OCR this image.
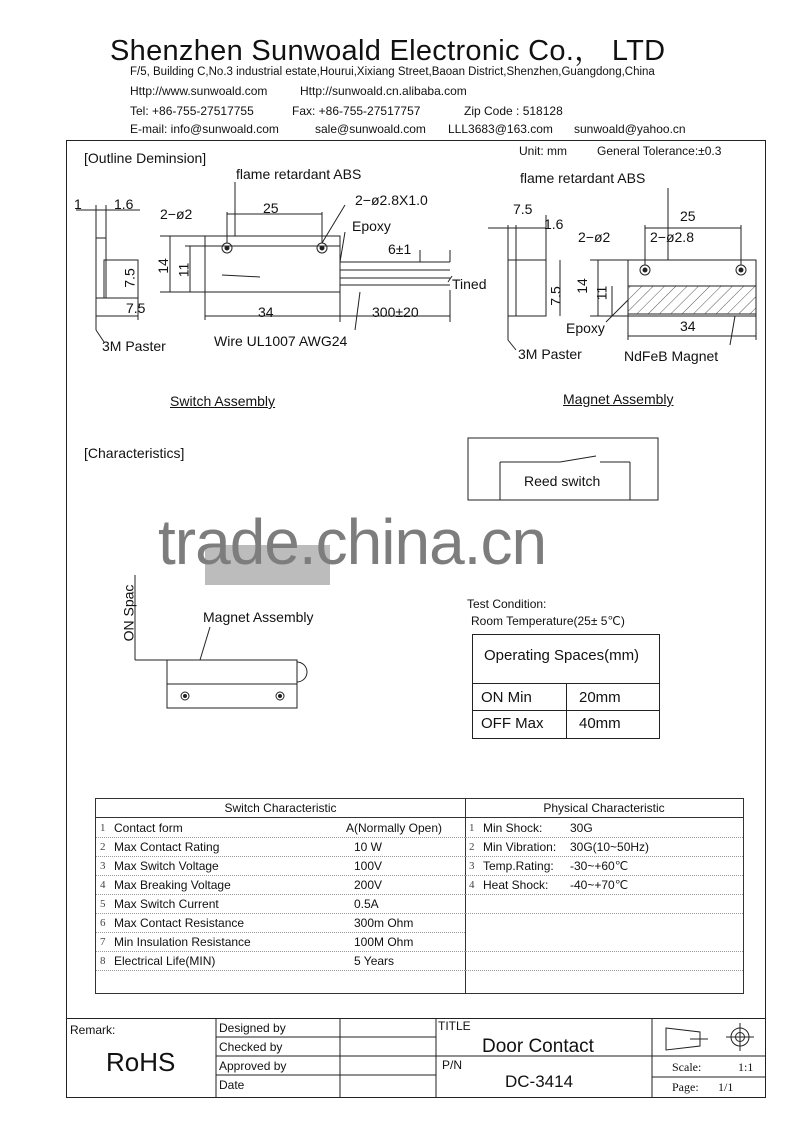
Shenzhen Sunwoald Electronic Co.， LTD
F/5, Building C,No.3 industrial estate,Hourui,Xixiang Street,Baoan District,Shenzhen,Guangdong,China
Http://www.sunwoald.com	Http://sunwoald.cn.alibaba.com
Tel: +86-755-27517755	Fax: +86-755-27517757	Zip Code : 518128
E-mail: info@sunwoald.com	sale@sunwoald.com LLL3683@163.com sunwoald@yahoo.cn
[Outline Deminsion]	Unit: mm	General Tolerance:±0.3
flame retardant ABS
1 1.6
2−ø2	25	2−ø2.8X1.0
Epoxy
6±1
Tined
14 11
7.5
7.5	34	300±20
3M Paster	Wire UL1007 AWG24
Switch Assembly
flame retardant ABS
7.5
1.6
2−ø2	2−ø2.8
25
7.5
14 11
34
Epoxy
3M Paster	NdFeB Magnet
Magnet Assembly
[Characteristics]
Reed switch
trade.china.cn
ON Spac	Magnet Assembly
Test Condition:
Room Temperature(25± 5℃)
Operating Spaces(mm)
ON Min	20mm
OFF Max 40mm
Switch Characteristic	Physical Characteristic
1 Contact form	A(Normally Open)
2 Max Contact Rating	10 W
3 Max Switch Voltage	100V
4 Max Breaking Voltage	200V
5 Max Switch Current	0.5A
6 Max Contact Resistance	300m Ohm
7 Min Insulation Resistance	100M Ohm
8 Electrical Life(MIN)	5 Years
1 Min Shock: 30G
2 Min Vibration: 30G(10~50Hz)
3 Temp.Rating: -30~+60℃
4 Heat Shock: -40~+70℃
Remark:
RoHS
Designed by
Checked by
Approved by
Date
TITLE
Door Contact
P/N
DC-3414
Scale:	1:1
Page: 1/1
